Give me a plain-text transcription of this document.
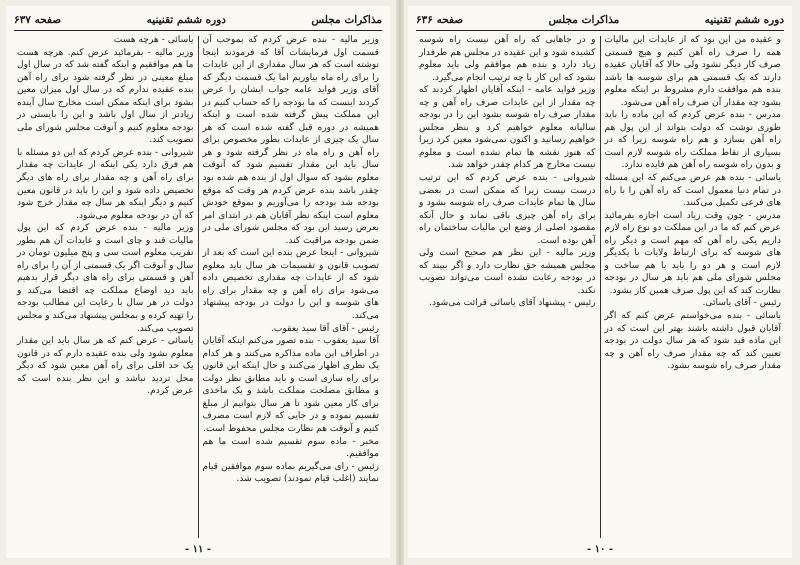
مذاکرات مجلس
دوره ششم تقنینیه
صفحه ۶۳۷

وزیر مالیه - بنده عرض کردم که بموجب آن قسمت اول فرمایشات آقا که فرمودند اینجا نوشته است که هر سال مقداری از این عایدات را برای راه ماه بیاوریم اما یک قسمت دیگر که آقای وزیر فواید عامه جواب ایشان را عرض کردند اینست که ما بودجه را که حساب کنیم در این مملکت پیش گرفته شده است و اینکه همیشه در دوره قبل گفته شده است که هر سال یک چیزی از عایدات بطور مخصوص برای راه آهن و راه ماه در نظر گرفته شود و هر سال باید این مقدار تقسیم شود که آنوقت معلوم بشود که سوال اول از بنده هم شده بود چقدر باشد بنده عرض کردم هر وقت که موقع بودجه شد بودجه را می‌آوریم و بموقع خودش معلوم است اینکه نظر آقایان هم در ابتدای امر بعرض رسید این بود که مجلس شورای ملی در ضمن بودجه مراقبت کند.

شیروانی - اینجا عرض بنده این است که بعد از تصویب قانون و تقسیمات هر سال باید معلوم شود که از عایدات چه مقداری تخصیص داده می‌شود برای راه آهن و چه مقدار برای راه های شوسه و این را دولت در بودجه پیشنهاد می‌کند.

رئیس - آقای آقا سید یعقوب.

آقا سید یعقوب - بنده تصور می‌کنم اینکه آقایان در اطراف این ماده مذاکره می‌کنند و هر کدام یک نظری اظهار می‌کنند و حال اینکه این قانون برای راه سازی است و باید مطابق نظر دولت و مطابق مصلحت مملکت باشد و یک ماخذی برای کار معین شود تا هر سال بتوانیم از مبلغ تقسیم نموده و در جایی که لازم است مصرف کنیم و آنوقت هم نظارت مجلس محفوظ است.

مخبر - ماده سوم تقسیم شده است ما هم موافقیم.

رئیس - رای می‌گیریم بماده سوم موافقین قیام نمایند (اغلب قیام نمودند) تصویب شد.

یاسائی - هرچه هست

وزیر مالیه - بفرمائید عرض کنم. هرچه هست ما هم موافقیم و اینکه گفته شد که در سال اول مبلغ معینی در نظر گرفته شود برای راه آهن بنده عقیده ندارم که در سال اول میزان معین بشود برای اینکه ممکن است مخارج سال آینده زیادتر از سال اول باشد و این را بایستی در بودجه معلوم کنیم و آنوقت مجلس شورای ملی تصویب کند.

شیروانی - بنده عرض کردم که این دو مسئله با هم فرق دارد یکی اینکه از عایدات چه مقدار برای راه آهن و چه مقدار برای راه های دیگر تخصیص داده شود و این را باید در قانون معین کنیم و دیگر اینکه هر سال چه مقدار خرج شود که آن در بودجه معلوم می‌شود.

وزیر مالیه - بنده عرض کردم که این پول مالیات قند و چای است و عایدات آن هم بطور تقریب معلوم است سی و پنج میلیون تومان در سال و آنوقت اگر یک قسمتی از آن را برای راه آهن و قسمتی برای راه های دیگر قرار بدهیم باید دید اوضاع مملکت چه اقتضا می‌کند و دولت در هر سال با رعایت این مطالب بودجه را تهیه کرده و بمجلس پیشنهاد می‌کند و مجلس تصویب می‌کند.

یاسائی - عرض کنم که هر سال باید این مقدار معلوم بشود ولی بنده عقیده دارم که در قانون یک حد اقلی برای راه آهن معین شود که دیگر محل تردید نباشد و این نظر بنده است که عرض کردم.

- ۱۱ -
دوره ششم تقنینیه
مذاکرات مجلس
صفحه ۶۳۶

و عقیده من این بود که از عایدات این مالیات همه را صرف راه آهن کنیم و هیچ قسمتی صرف کار دیگر نشود ولی حالا که آقایان عقیده دارند که یک قسمتی هم برای شوسه ها باشد بنده هم موافقت دارم مشروط بر اینکه معلوم بشود چه مقدار آن صرف راه آهن می‌شود.

مدرس - بنده عرض کردم که این ماده را باید طوری نوشت که دولت بتواند از این پول هم راه آهن بسازد و هم راه شوسه زیرا که در بسیاری از نقاط مملکت راه شوسه لازم است و بدون راه شوسه راه آهن هم فایده ندارد.

یاسائی - بنده هم عرض می‌کنم که این مسئله در تمام دنیا معمول است که راه آهن را با راه های فرعی تکمیل می‌کنند.

مدرس - چون وقت زیاد است اجازه بفرمائید عرض کنم که ما در این مملکت دو نوع راه لازم داریم یکی راه آهن که مهم است و دیگر راه های شوسه که برای ارتباط ولایات با یکدیگر لازم است و هر دو را باید با هم ساخت و مجلس شورای ملی هم باید هر سال در بودجه نظارت کند که این پول صرف همین کار بشود.

رئیس - آقای یاسائی.

یاسائی - بنده می‌خواستم عرض کنم که اگر آقایان قبول داشته باشند بهتر این است که در این ماده قید شود که هر سال دولت در بودجه تعیین کند که چه مقدار صرف راه آهن و چه مقدار صرف راه شوسه بشود.

و در جاهایی که راه آهن نیست راه شوسه کشیده شود و این عقیده در مجلس هم طرفدار زیاد دارد و بنده هم موافقم ولی باید معلوم بشود که این کار با چه ترتیب انجام می‌گیرد.

وزیر فواید عامه - اینکه آقایان اظهار کردند که چه مقدار از این عایدات صرف راه آهن و چه مقدار صرف راه شوسه بشود این را در بودجه سالیانه معلوم خواهیم کرد و بنظر مجلس خواهیم رسانید و اکنون نمی‌شود معین کرد زیرا که هنوز نقشه ها تمام نشده است و معلوم نیست مخارج هر کدام چقدر خواهد شد.

شیروانی - بنده عرض کردم که این ترتیب درست نیست زیرا که ممکن است در بعضی سال ها تمام عایدات صرف راه شوسه بشود و برای راه آهن چیزی باقی نماند و حال آنکه مقصود اصلی از وضع این مالیات ساختمان راه آهن بوده است.

وزیر مالیه - این نظر هم صحیح است ولی مجلس همیشه حق نظارت دارد و اگر ببیند که در بودجه رعایت نشده است می‌تواند تصویب نکند.

رئیس - پیشنهاد آقای یاسائی قرائت می‌شود.

- ۱۰ -
